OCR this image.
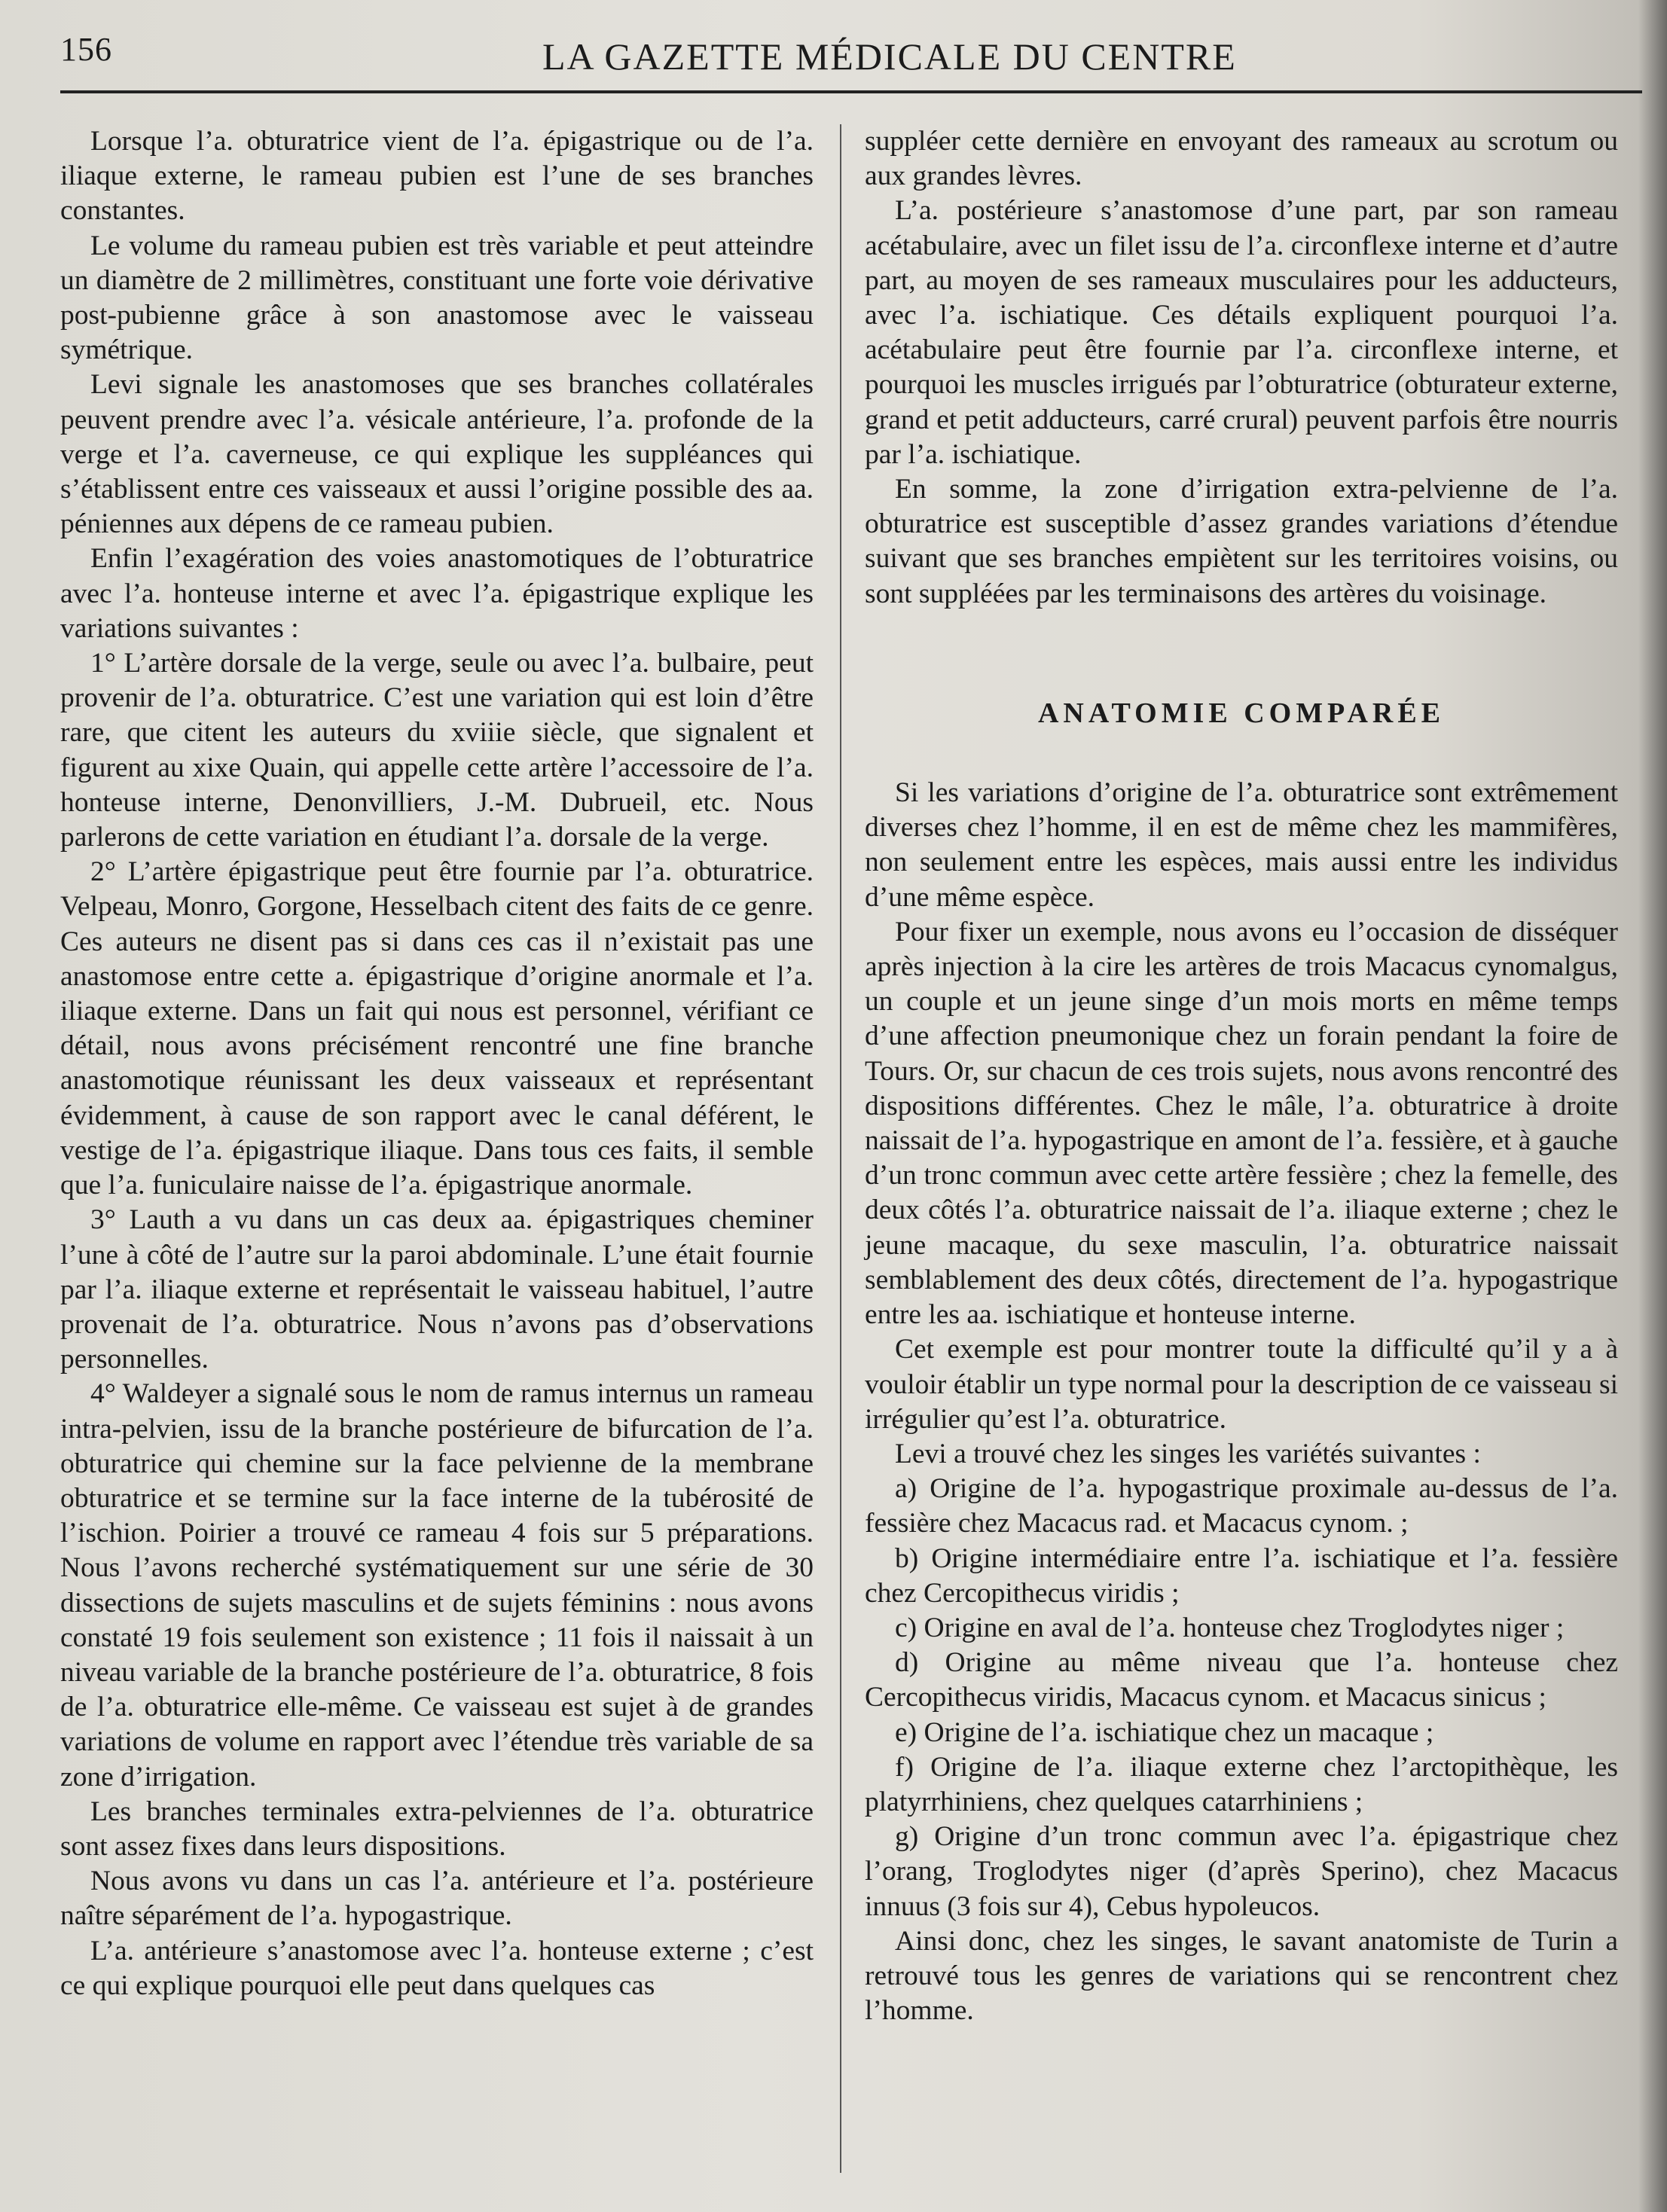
156	LA GAZETTE MÉDICALE DU CENTRE

Lorsque l’a. obturatrice vient de l’a. épigastrique ou de l’a. iliaque externe, le rameau pubien est l’une de ses branches constantes.

Le volume du rameau pubien est très variable et peut atteindre un diamètre de 2 millimètres, constituant une forte voie dérivative post-pubienne grâce à son anastomose avec le vaisseau symétrique.

Levi signale les anastomoses que ses branches collatérales peuvent prendre avec l’a. vésicale antérieure, l’a. profonde de la verge et l’a. caverneuse, ce qui explique les suppléances qui s’établissent entre ces vaisseaux et aussi l’origine possible des aa. péniennes aux dépens de ce rameau pubien.

Enfin l’exagération des voies anastomotiques de l’obturatrice avec l’a. honteuse interne et avec l’a. épigastrique explique les variations suivantes :

1° L’artère dorsale de la verge, seule ou avec l’a. bulbaire, peut provenir de l’a. obturatrice. C’est une variation qui est loin d’être rare, que citent les auteurs du xviiie siècle, que signalent et figurent au xixe Quain, qui appelle cette artère l’accessoire de l’a. honteuse interne, Denonvilliers, J.-M. Dubrueil, etc. Nous parlerons de cette variation en étudiant l’a. dorsale de la verge.

2° L’artère épigastrique peut être fournie par l’a. obturatrice. Velpeau, Monro, Gorgone, Hesselbach citent des faits de ce genre. Ces auteurs ne disent pas si dans ces cas il n’existait pas une anastomose entre cette a. épigastrique d’origine anormale et l’a. iliaque externe. Dans un fait qui nous est personnel, vérifiant ce détail, nous avons précisément rencontré une fine branche anastomotique réunissant les deux vaisseaux et représentant évidemment, à cause de son rapport avec le canal déférent, le vestige de l’a. épigastrique iliaque. Dans tous ces faits, il semble que l’a. funiculaire naisse de l’a. épigastrique anormale.

3° Lauth a vu dans un cas deux aa. épigastriques cheminer l’une à côté de l’autre sur la paroi abdominale. L’une était fournie par l’a. iliaque externe et représentait le vaisseau habituel, l’autre provenait de l’a. obturatrice. Nous n’avons pas d’observations personnelles.

4° Waldeyer a signalé sous le nom de ramus internus un rameau intra-pelvien, issu de la branche postérieure de bifurcation de l’a. obturatrice qui chemine sur la face pelvienne de la membrane obturatrice et se termine sur la face interne de la tubérosité de l’ischion. Poirier a trouvé ce rameau 4 fois sur 5 préparations. Nous l’avons recherché systématiquement sur une série de 30 dissections de sujets masculins et de sujets féminins : nous avons constaté 19 fois seulement son existence ; 11 fois il naissait à un niveau variable de la branche postérieure de l’a. obturatrice, 8 fois de l’a. obturatrice elle-même. Ce vaisseau est sujet à de grandes variations de volume en rapport avec l’étendue très variable de sa zone d’irrigation.

Les branches terminales extra-pelviennes de l’a. obturatrice sont assez fixes dans leurs dispositions.

Nous avons vu dans un cas l’a. antérieure et l’a. postérieure naître séparément de l’a. hypogastrique.

L’a. antérieure s’anastomose avec l’a. honteuse externe ; c’est ce qui explique pourquoi elle peut dans quelques cas

suppléer cette dernière en envoyant des rameaux au scrotum ou aux grandes lèvres.

L’a. postérieure s’anastomose d’une part, par son rameau acétabulaire, avec un filet issu de l’a. circonflexe interne et d’autre part, au moyen de ses rameaux musculaires pour les adducteurs, avec l’a. ischiatique. Ces détails expliquent pourquoi l’a. acétabulaire peut être fournie par l’a. circonflexe interne, et pourquoi les muscles irrigués par l’obturatrice (obturateur externe, grand et petit adducteurs, carré crural) peuvent parfois être nourris par l’a. ischiatique.

En somme, la zone d’irrigation extra-pelvienne de l’a. obturatrice est susceptible d’assez grandes variations d’étendue suivant que ses branches empiètent sur les territoires voisins, ou sont suppléées par les terminaisons des artères du voisinage.

ANATOMIE COMPARÉE

Si les variations d’origine de l’a. obturatrice sont extrêmement diverses chez l’homme, il en est de même chez les mammifères, non seulement entre les espèces, mais aussi entre les individus d’une même espèce.

Pour fixer un exemple, nous avons eu l’occasion de disséquer après injection à la cire les artères de trois Macacus cynomalgus, un couple et un jeune singe d’un mois morts en même temps d’une affection pneumonique chez un forain pendant la foire de Tours. Or, sur chacun de ces trois sujets, nous avons rencontré des dispositions différentes. Chez le mâle, l’a. obturatrice à droite naissait de l’a. hypogastrique en amont de l’a. fessière, et à gauche d’un tronc commun avec cette artère fessière ; chez la femelle, des deux côtés l’a. obturatrice naissait de l’a. iliaque externe ; chez le jeune macaque, du sexe masculin, l’a. obturatrice naissait semblablement des deux côtés, directement de l’a. hypogastrique entre les aa. ischiatique et honteuse interne.

Cet exemple est pour montrer toute la difficulté qu’il y a à vouloir établir un type normal pour la description de ce vaisseau si irrégulier qu’est l’a. obturatrice.

Levi a trouvé chez les singes les variétés suivantes :

a) Origine de l’a. hypogastrique proximale au-dessus de l’a. fessière chez Macacus rad. et Macacus cynom. ;

b) Origine intermédiaire entre l’a. ischiatique et l’a. fessière chez Cercopithecus viridis ;

c) Origine en aval de l’a. honteuse chez Troglodytes niger ;

d) Origine au même niveau que l’a. honteuse chez Cercopithecus viridis, Macacus cynom. et Macacus sinicus ;

e) Origine de l’a. ischiatique chez un macaque ;

f) Origine de l’a. iliaque externe chez l’arctopithèque, les platyrrhiniens, chez quelques catarrhiniens ;

g) Origine d’un tronc commun avec l’a. épigastrique chez l’orang, Troglodytes niger (d’après Sperino), chez Macacus innuus (3 fois sur 4), Cebus hypoleucos.

Ainsi donc, chez les singes, le savant anatomiste de Turin a retrouvé tous les genres de variations qui se rencontrent chez l’homme.
